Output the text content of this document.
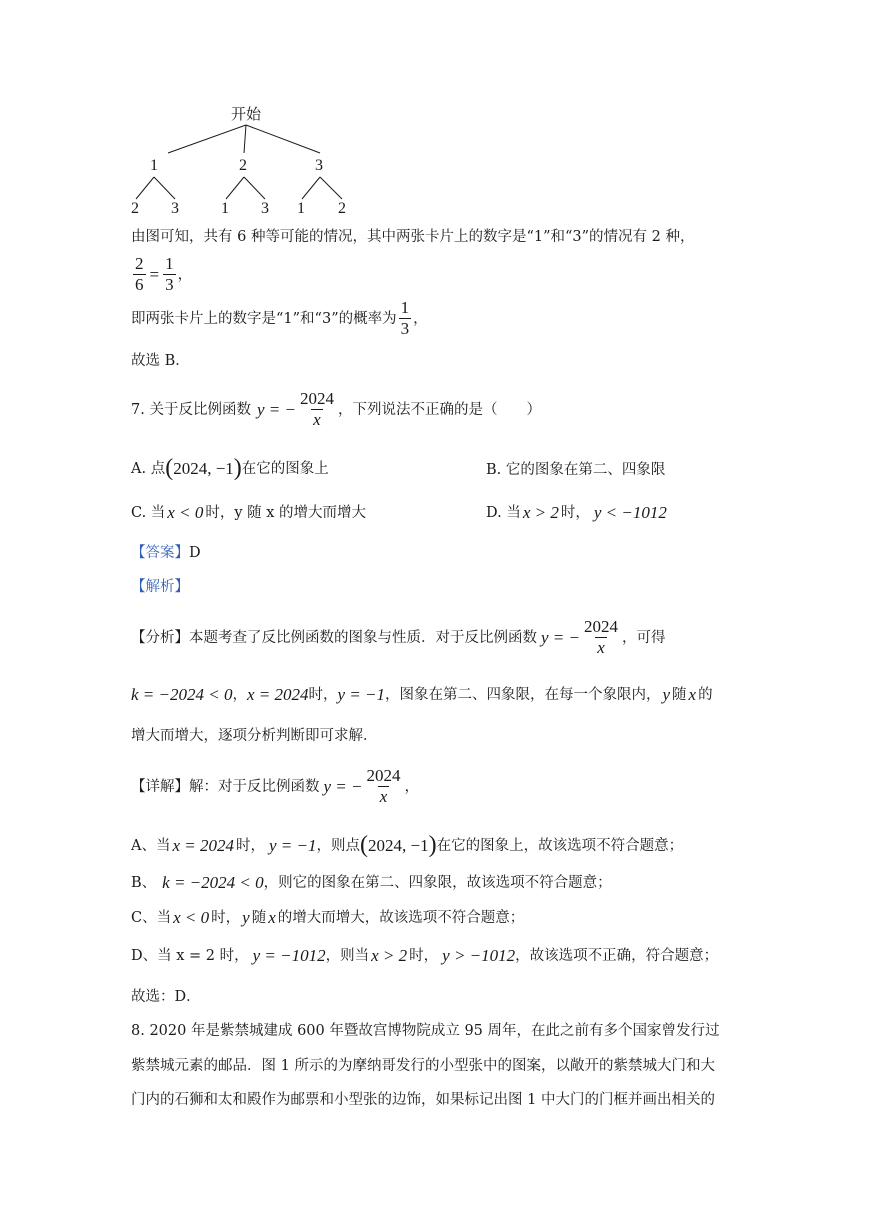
开始
1	2	3
2 3	1 3 1 2
由图可知，共有 6 种等可能的情况，其中两张卡片上的数字是“1”和“3”的情况有 2 种，
$\frac{2}{6} = \frac{1}{3}$ ，
即两张卡片上的数字是“1”和“3”的概率为 $\frac{1}{3}$ ，
故选 B．
7. 关于反比例函数 y = − $\frac{2024}{x}$ ，下列说法不正确的是（　　）
A. 点 ( 2024, −1 ) 在它的图象上	B. 它的图象在第二、四象限
C. 当 x < 0 时，y 随 x 的增大而增大	D. 当 x > 2 时， y < −1012
【答案】D
【解析】
【分析】本题考查了反比例函数的图象与性质．对于反比例函数 y = − $\frac{2024}{x}$ ，可得
k = −2024 < 0 ， x = 2024 时， y = −1 ，图象在第二、四象限，在每一个象限内， y 随 x 的
增大而增大，逐项分析判断即可求解．
【详解】解：对于反比例函数 y = − $\frac{2024}{x}$ ，
A、当 x = 2024 时， y = −1 ，则点 ( 2024, −1 ) 在它的图象上，故该选项不符合题意；
B、 k = −2024 < 0 ，则它的图象在第二、四象限，故该选项不符合题意；
C、当 x < 0 时， y 随 x 的增大而增大，故该选项不符合题意；
D、当 x = 2 时， y = −1012 ，则当 x > 2 时， y > −1012 ，故该选项不正确，符合题意；
故选：D．
8. 2020 年是紫禁城建成 600 年暨故宫博物院成立 95 周年，在此之前有多个国家曾发行过
紫禁城元素的邮品．图 1 所示的为摩纳哥发行的小型张中的图案，以敞开的紫禁城大门和大
门内的石狮和太和殿作为邮票和小型张的边饰，如果标记出图 1 中大门的门框并画出相关的
